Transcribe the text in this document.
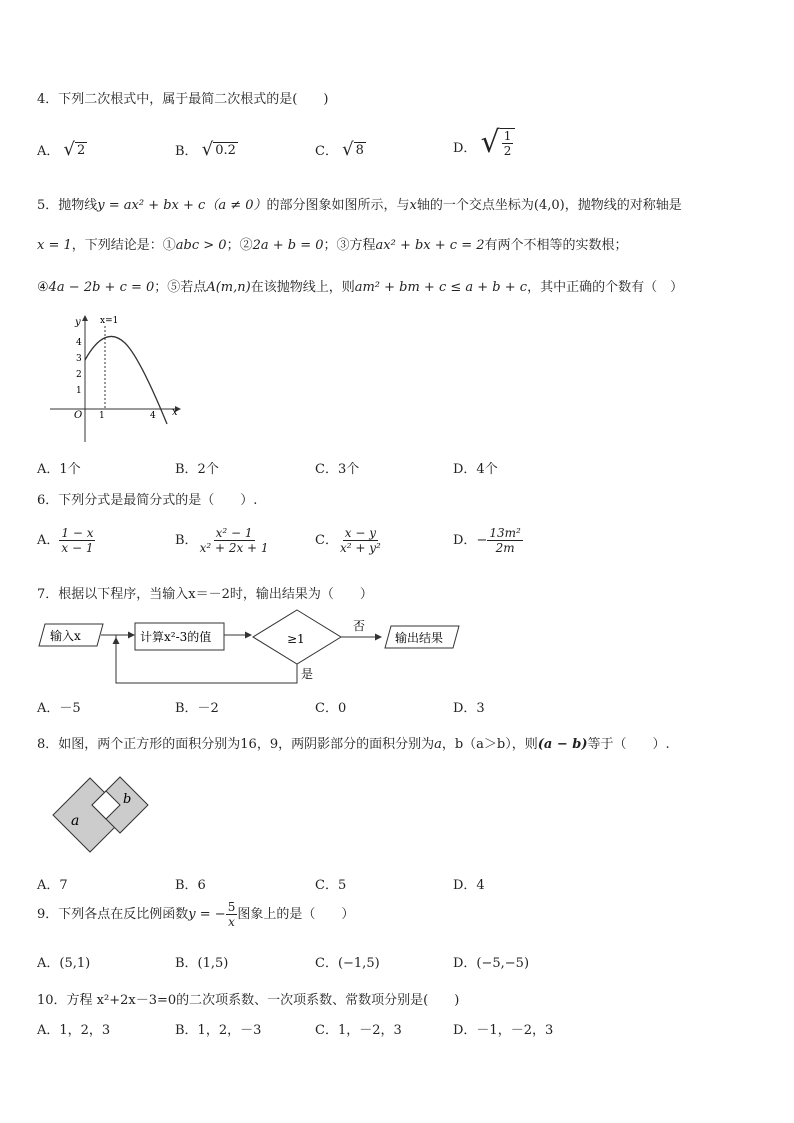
4．下列二次根式中，属于最简二次根式的是(　　)
A． √ 2	B． √ 0.2	C． √ 8	D． √ $\frac{1}{2}$
5．抛物线y = ax² + bx + c（a ≠ 0）的部分图象如图所示，与x轴的一个交点坐标为(4,0)，抛物线的对称轴是
x = 1，下列结论是：①abc > 0；②2a + b = 0；③方程ax² + bx + c = 2有两个不相等的实数根；
④4a − 2b + c = 0；⑤若点A(m,n)在该抛物线上，则am² + bm + c ≤ a + b + c，其中正确的个数有（　）
y
x
x=1
O
4
3
2
1
1	4
A．1个	B．2个	C．3个	D．4个
6．下列分式是最简分式的是（　　）.
A． $\frac{1 - x}{x - 1}$	B． $\frac{\text{x² − 1}}{\text{x² + 2x + 1}}$	C． $\frac{x - y}{\text{x² + y²}}$	D．− $\frac{\text{13m²}}{2m}$
7．根据以下程序，当输入x＝－2时，输出结果为（　　）
输入x	计算x²-3的值	≥1
否
输出结果
是
A．－5	B．－2	C．0	D．3
8．如图，两个正方形的面积分别为16，9，两阴影部分的面积分别为a，b（a＞b），则(a − b)等于（　　）.
a
b
A．7	B．6	C．5	D．4
9．下列各点在反比例函数y = − $\frac{5}{x}$ 图象上的是（　　）
A．(5,1)	B．(1,5)	C．(−1,5)	D．(−5,−5)
10．方程 x²+2x－3=0的二次项系数、一次项系数、常数项分别是(　　)
A．1，2，3	B．1，2，－3	C．1，－2，3	D．－1，－2，3
